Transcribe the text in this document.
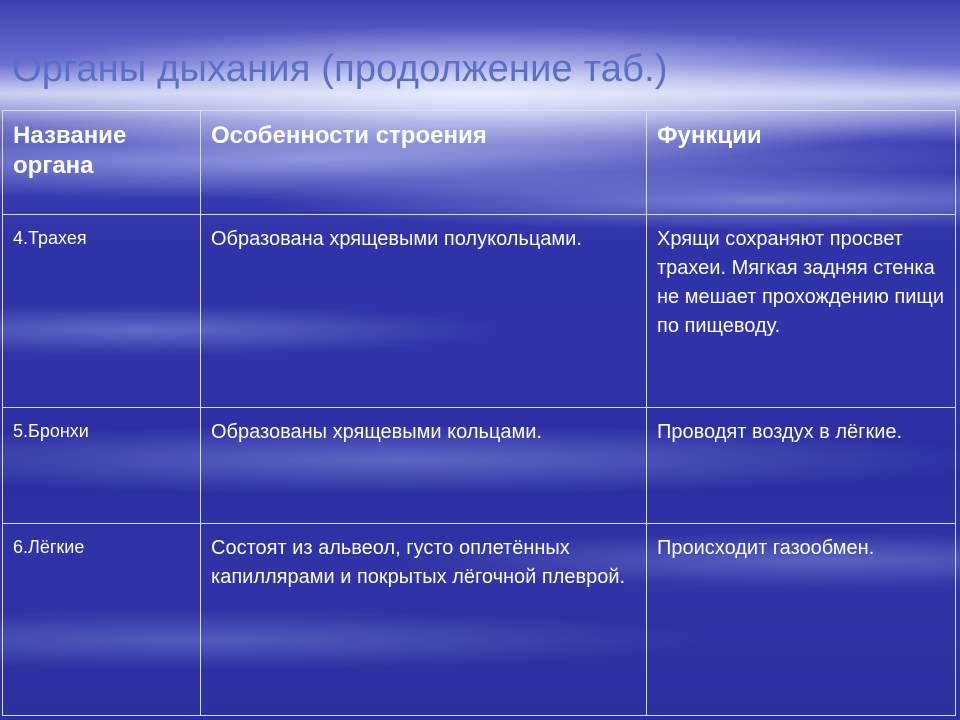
Органы дыхания (продолжение таб.)
Название органа	Особенности строения	Функции
4.Трахея	Образована хрящевыми полукольцами.	Хрящи сохраняют просвет трахеи. Мягкая задняя стенка не мешает прохождению пищи по пищеводу.
5.Бронхи	Образованы хрящевыми кольцами.	Проводят воздух в лёгкие.
6.Лёгкие	Состоят из альвеол, густо оплетённых капиллярами и покрытых лёгочной плеврой.	Происходит газообмен.
